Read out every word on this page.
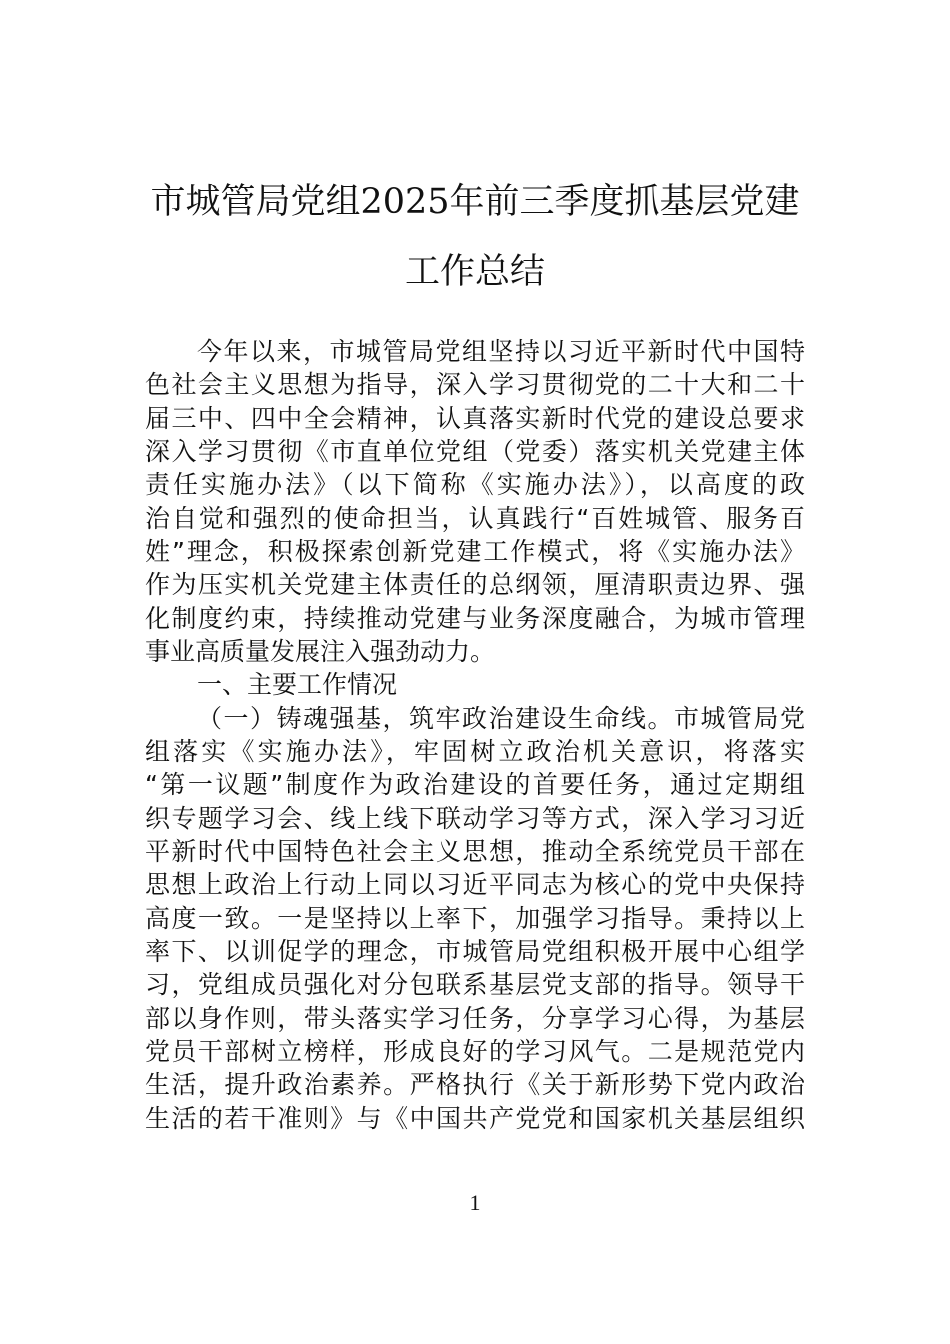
市城管局党组2025年前三季度抓基层党建
工作总结
今年以来，市城管局党组坚持以习近平新时代中国特
色社会主义思想为指导，深入学习贯彻党的二十大和二十
届三中、四中全会精神，认真落实新时代党的建设总要求
深入学习贯彻《市直单位党组（党委）落实机关党建主体
责任实施办法》（以下简称《实施办法》），以高度的政
治自觉和强烈的使命担当，认真践行“百姓城管、服务百
姓”理念，积极探索创新党建工作模式，将《实施办法》
作为压实机关党建主体责任的总纲领，厘清职责边界、强
化制度约束，持续推动党建与业务深度融合，为城市管理
事业高质量发展注入强劲动力。
一、主要工作情况
（一）铸魂强基，筑牢政治建设生命线。市城管局党
组落实《实施办法》，牢固树立政治机关意识，将落实
“第一议题”制度作为政治建设的首要任务，通过定期组
织专题学习会、线上线下联动学习等方式，深入学习习近
平新时代中国特色社会主义思想，推动全系统党员干部在
思想上政治上行动上同以习近平同志为核心的党中央保持
高度一致。一是坚持以上率下，加强学习指导。秉持以上
率下、以训促学的理念，市城管局党组积极开展中心组学
习，党组成员强化对分包联系基层党支部的指导。领导干
部以身作则，带头落实学习任务，分享学习心得，为基层
党员干部树立榜样，形成良好的学习风气。二是规范党内
生活，提升政治素养。严格执行《关于新形势下党内政治
生活的若干准则》与《中国共产党党和国家机关基层组织
1
